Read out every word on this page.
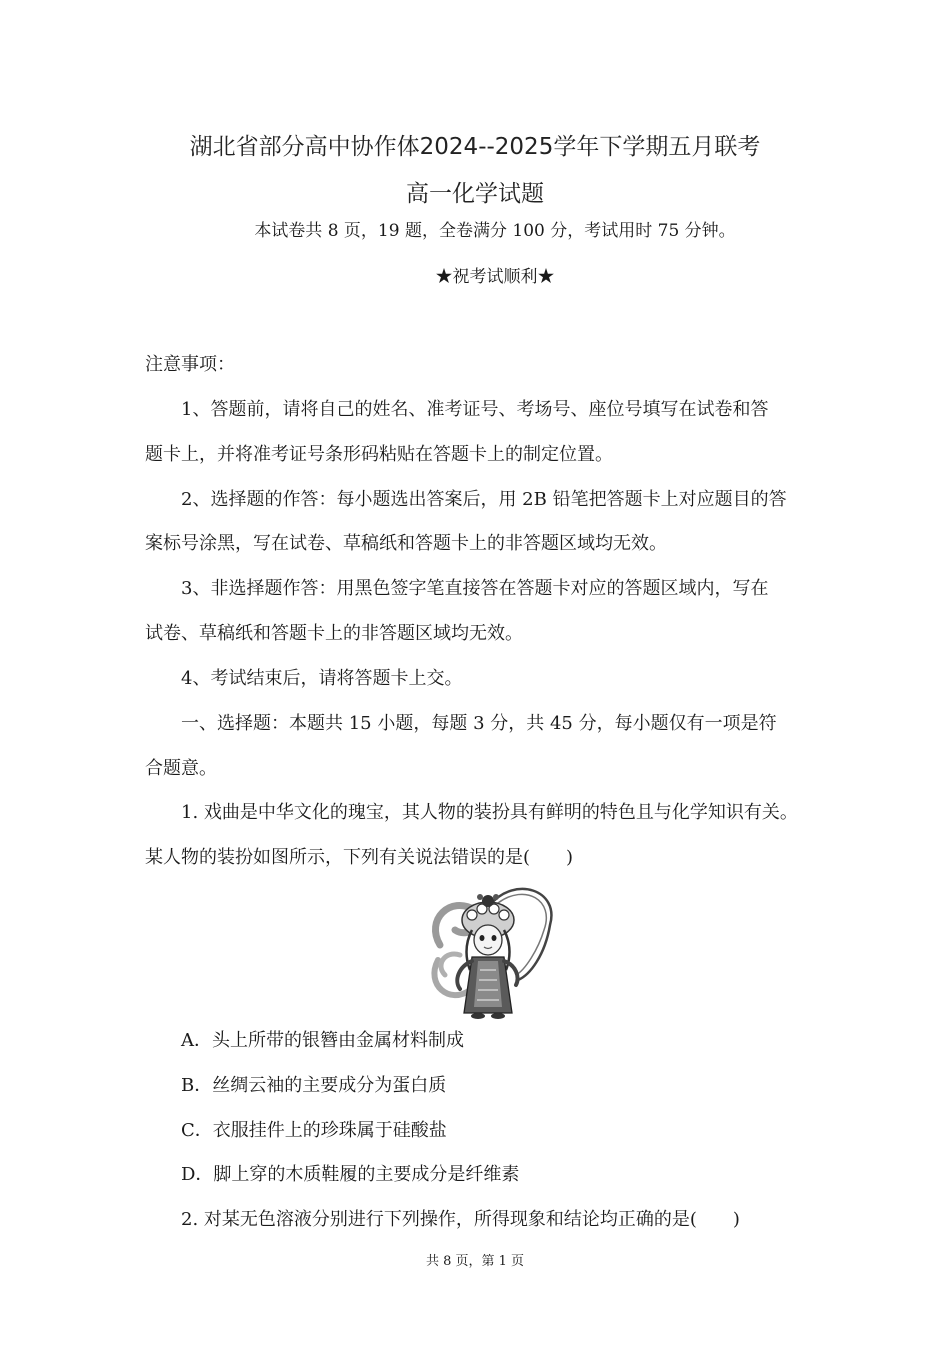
湖北省部分高中协作体2024--2025学年下学期五月联考
高一化学试题
本试卷共 8 页，19 题，全卷满分 100 分，考试用时 75 分钟。
★祝考试顺利★
注意事项：
1、答题前，请将自己的姓名、准考证号、考场号、座位号填写在试卷和答
题卡上，并将准考证号条形码粘贴在答题卡上的制定位置。
2、选择题的作答：每小题选出答案后，用 2B 铅笔把答题卡上对应题目的答
案标号涂黑，写在试卷、草稿纸和答题卡上的非答题区域均无效。
3、非选择题作答：用黑色签字笔直接答在答题卡对应的答题区域内，写在
试卷、草稿纸和答题卡上的非答题区域均无效。
4、考试结束后，请将答题卡上交。
一、选择题：本题共 15 小题，每题 3 分，共 45 分，每小题仅有一项是符
合题意。
1. 戏曲是中华文化的瑰宝，其人物的装扮具有鲜明的特色且与化学知识有关。
某人物的装扮如图所示，下列有关说法错误的是(　　)
A．头上所带的银簪由金属材料制成
B．丝绸云袖的主要成分为蛋白质
C．衣服挂件上的珍珠属于硅酸盐
D．脚上穿的木质鞋履的主要成分是纤维素
2. 对某无色溶液分别进行下列操作，所得现象和结论均正确的是(　　)
共 8 页，第 1 页
